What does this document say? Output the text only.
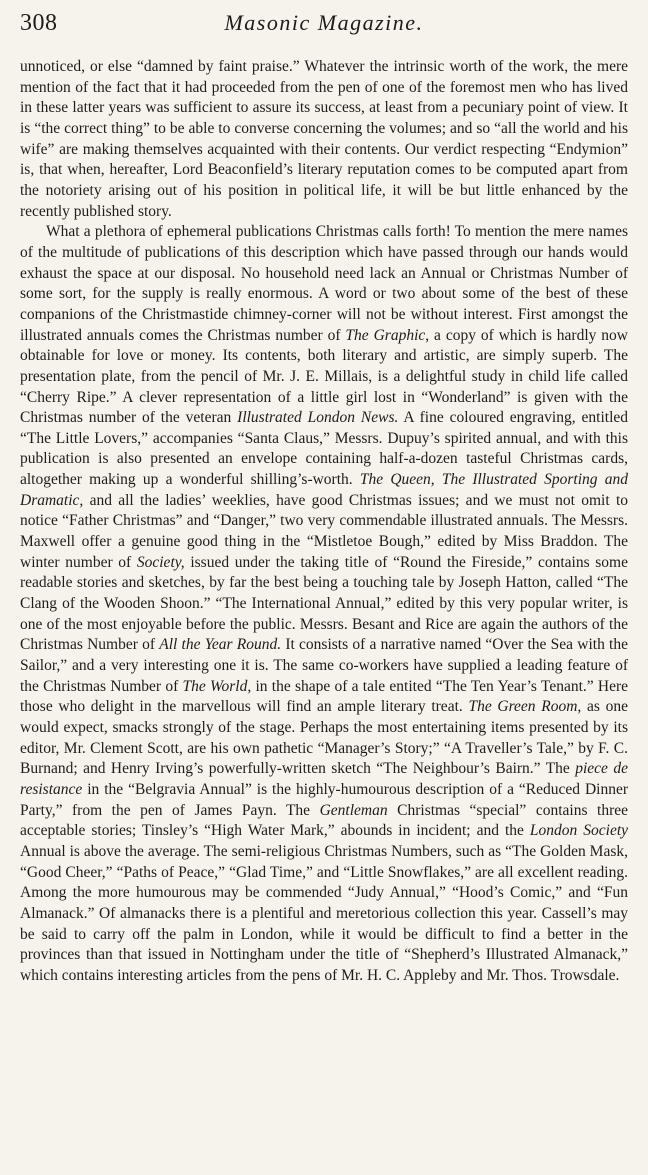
308	Masonic Magazine.
unnoticed, or else “damned by faint praise.” Whatever the intrinsic worth of the work, the mere mention of the fact that it had proceeded from the pen of one of the foremost men who has lived in these latter years was sufficient to assure its success, at least from a pecuniary point of view. It is “the correct thing” to be able to converse concerning the volumes; and so “all the world and his wife” are making themselves acquainted with their contents. Our verdict respecting “Endymion” is, that when, hereafter, Lord Beaconfield’s literary reputation comes to be computed apart from the notoriety arising out of his position in political life, it will be but little enhanced by the recently published story.
What a plethora of ephemeral publications Christmas calls forth! To mention the mere names of the multitude of publications of this description which have passed through our hands would exhaust the space at our disposal. No household need lack an Annual or Christmas Number of some sort, for the supply is really enormous. A word or two about some of the best of these companions of the Christmastide chimney-corner will not be without interest. First amongst the illustrated annuals comes the Christmas number of The Graphic, a copy of which is hardly now obtainable for love or money. Its contents, both literary and artistic, are simply superb. The presentation plate, from the pencil of Mr. J. E. Millais, is a delightful study in child life called “Cherry Ripe.” A clever representation of a little girl lost in “Wonderland” is given with the Christmas number of the veteran Illustrated London News. A fine coloured engraving, entitled “The Little Lovers,” accompanies “Santa Claus,” Messrs. Dupuy’s spirited annual, and with this publication is also presented an envelope containing half-a-dozen tasteful Christmas cards, altogether making up a wonderful shilling’s-worth. The Queen, The Illustrated Sporting and Dramatic, and all the ladies’ weeklies, have good Christmas issues; and we must not omit to notice “Father Christmas” and “Danger,” two very commendable illustrated annuals. The Messrs. Maxwell offer a genuine good thing in the “Mistletoe Bough,” edited by Miss Braddon. The winter number of Society, issued under the taking title of “Round the Fireside,” contains some readable stories and sketches, by far the best being a touching tale by Joseph Hatton, called “The Clang of the Wooden Shoon.” “The International Annual,” edited by this very popular writer, is one of the most enjoyable before the public. Messrs. Besant and Rice are again the authors of the Christmas Number of All the Year Round. It consists of a narrative named “Over the Sea with the Sailor,” and a very interesting one it is. The same co-workers have supplied a leading feature of the Christmas Number of The World, in the shape of a tale entited “The Ten Year’s Tenant.” Here those who delight in the marvellous will find an ample literary treat. The Green Room, as one would expect, smacks strongly of the stage. Perhaps the most entertaining items presented by its editor, Mr. Clement Scott, are his own pathetic “Manager’s Story;” “A Traveller’s Tale,” by F. C. Burnand; and Henry Irving’s powerfully-written sketch “The Neighbour’s Bairn.” The piece de resistance in the “Belgravia Annual” is the highly-humourous description of a “Reduced Dinner Party,” from the pen of James Payn. The Gentleman Christmas “special” contains three acceptable stories; Tinsley’s “High Water Mark,” abounds in incident; and the London Society Annual is above the average. The semi-religious Christmas Numbers, such as “The Golden Mask, “Good Cheer,” “Paths of Peace,” “Glad Time,” and “Little Snowflakes,” are all excellent reading. Among the more humourous may be commended “Judy Annual,” “Hood’s Comic,” and “Fun Almanack.” Of almanacks there is a plentiful and meretorious collection this year. Cassell’s may be said to carry off the palm in London, while it would be difficult to find a better in the provinces than that issued in Nottingham under the title of “Shepherd’s Illustrated Almanack,” which contains interesting articles from the pens of Mr. H. C. Appleby and Mr. Thos. Trowsdale.
